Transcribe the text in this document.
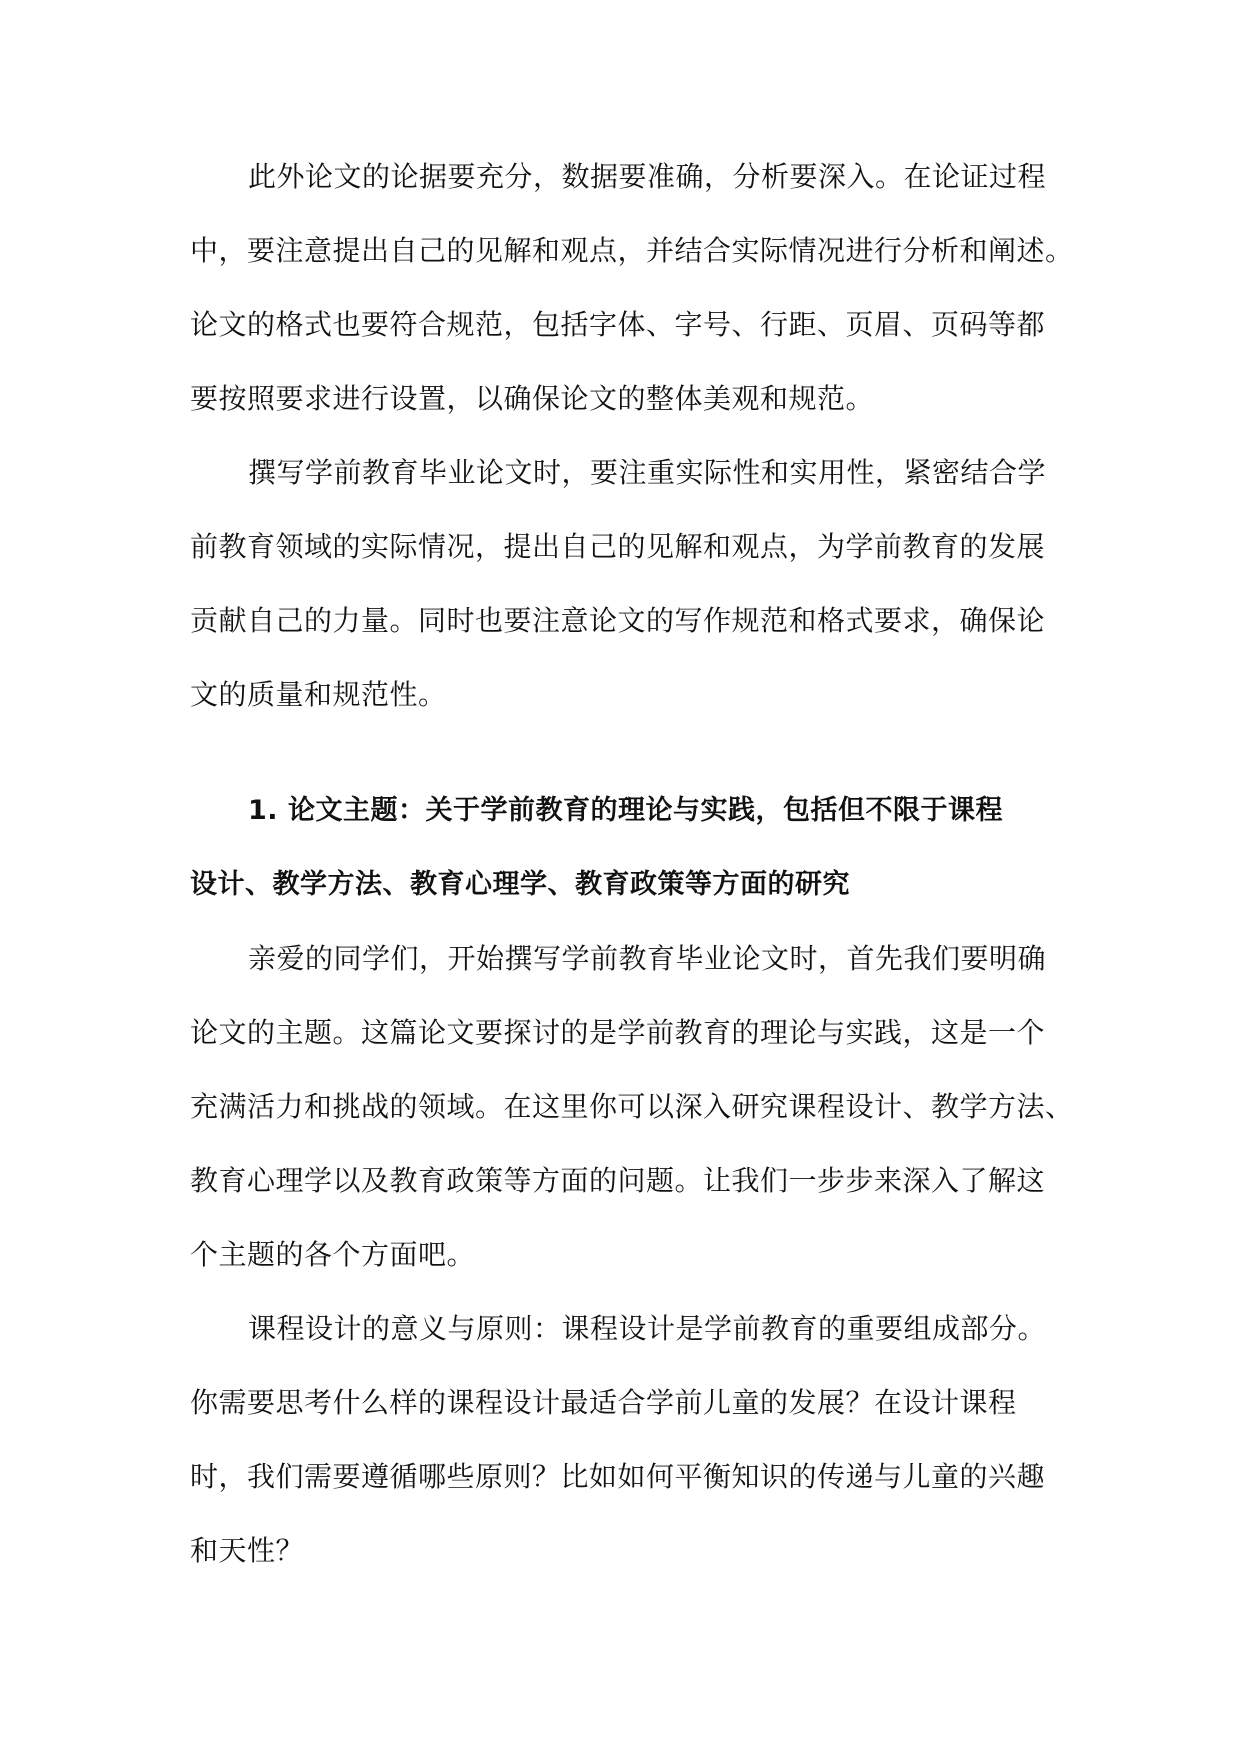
此外论文的论据要充分，数据要准确，分析要深入。在论证过程
中，要注意提出自己的见解和观点，并结合实际情况进行分析和阐述。
论文的格式也要符合规范，包括字体、字号、行距、页眉、页码等都
要按照要求进行设置，以确保论文的整体美观和规范。
撰写学前教育毕业论文时，要注重实际性和实用性，紧密结合学
前教育领域的实际情况，提出自己的见解和观点，为学前教育的发展
贡献自己的力量。同时也要注意论文的写作规范和格式要求，确保论
文的质量和规范性。
1. 论文主题：关于学前教育的理论与实践，包括但不限于课程
设计、教学方法、教育心理学、教育政策等方面的研究
亲爱的同学们，开始撰写学前教育毕业论文时，首先我们要明确
论文的主题。这篇论文要探讨的是学前教育的理论与实践，这是一个
充满活力和挑战的领域。在这里你可以深入研究课程设计、教学方法、
教育心理学以及教育政策等方面的问题。让我们一步步来深入了解这
个主题的各个方面吧。
课程设计的意义与原则：课程设计是学前教育的重要组成部分。
你需要思考什么样的课程设计最适合学前儿童的发展？在设计课程
时，我们需要遵循哪些原则？比如如何平衡知识的传递与儿童的兴趣
和天性？
